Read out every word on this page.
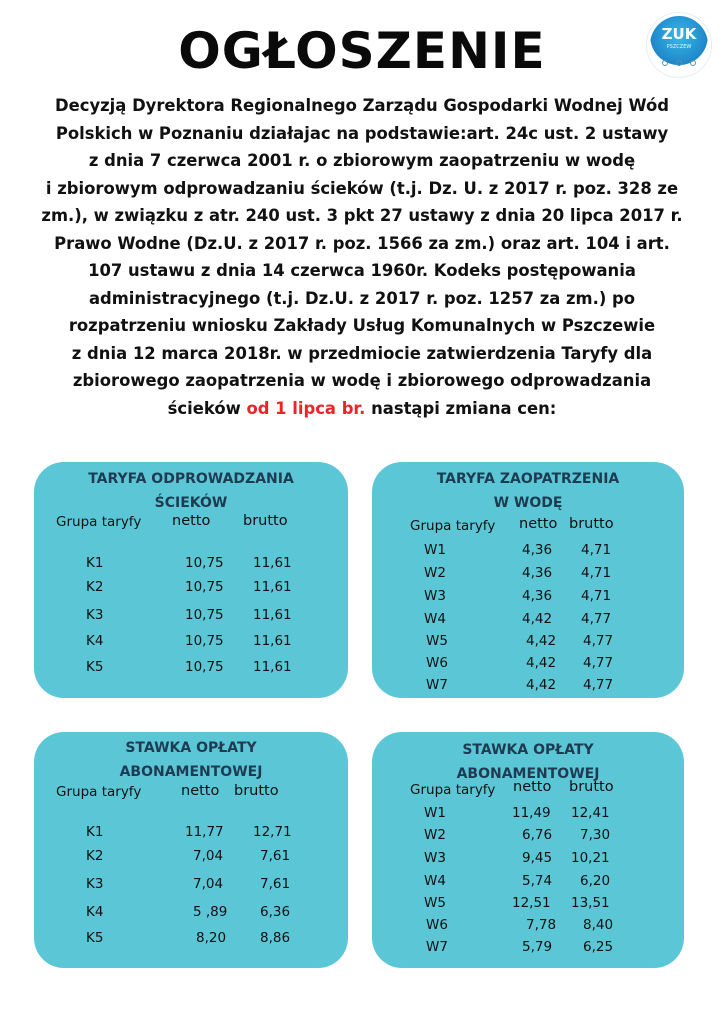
OGŁOSZENIE	ZUK
PSZCZEW
Decyzją Dyrektora Regionalnego Zarządu Gospodarki Wodnej Wód
Polskich w Poznaniu działajac na podstawie:art. 24c ust. 2 ustawy
z dnia 7 czerwca 2001 r. o zbiorowym zaopatrzeniu w wodę
i zbiorowym odprowadzaniu ścieków (t.j. Dz. U. z 2017 r. poz. 328 ze
zm.), w związku z atr. 240 ust. 3 pkt 27 ustawy z dnia 20 lipca 2017 r.
Prawo Wodne (Dz.U. z 2017 r. poz. 1566 za zm.) oraz art. 104 i art.
107 ustawu z dnia 14 czerwca 1960r. Kodeks postępowania
administracyjnego (t.j. Dz.U. z 2017 r. poz. 1257 za zm.) po
rozpatrzeniu wniosku Zakłady Usług Komunalnych w Pszczewie
z dnia 12 marca 2018r. w przedmiocie zatwierdzenia Taryfy dla
zbiorowego zaopatrzenia w wodę i zbiorowego odprowadzania
ścieków od 1 lipca br. nastąpi zmiana cen:
TARYFA ODPROWADZANIA
ŚCIEKÓW
Grupa taryfy netto brutto
K1	10,75 11,61
K2	10,75 11,61
K3	10,75 11,61
K4	10,75 11,61
K5	10,75 11,61
TARYFA ZAOPATRZENIA
W WODĘ
Grupa taryfy netto brutto
W1	4,36 4,71
W2	4,36 4,71
W3	4,36 4,71
W4	4,42 4,77
W5	4,42 4,77
W6	4,42 4,77
W7	4,42 4,77
STAWKA OPŁATY
ABONAMENTOWEJ
Grupa taryfy	netto brutto
K1	11,77 12,71
K2	7,04	7,61
K3	7,04	7,61
K4	5 ,89 6,36
K5	8,20	8,86
STAWKA OPŁATY
ABONAMENTOWEJ
Grupa taryfy netto brutto
W1	11,49 12,41
W2	6,76 7,30
W3	9,45 10,21
W4	5,74 6,20
W5	12,51 13,51
W6	7,78 8,40
W7	5,79 6,25
